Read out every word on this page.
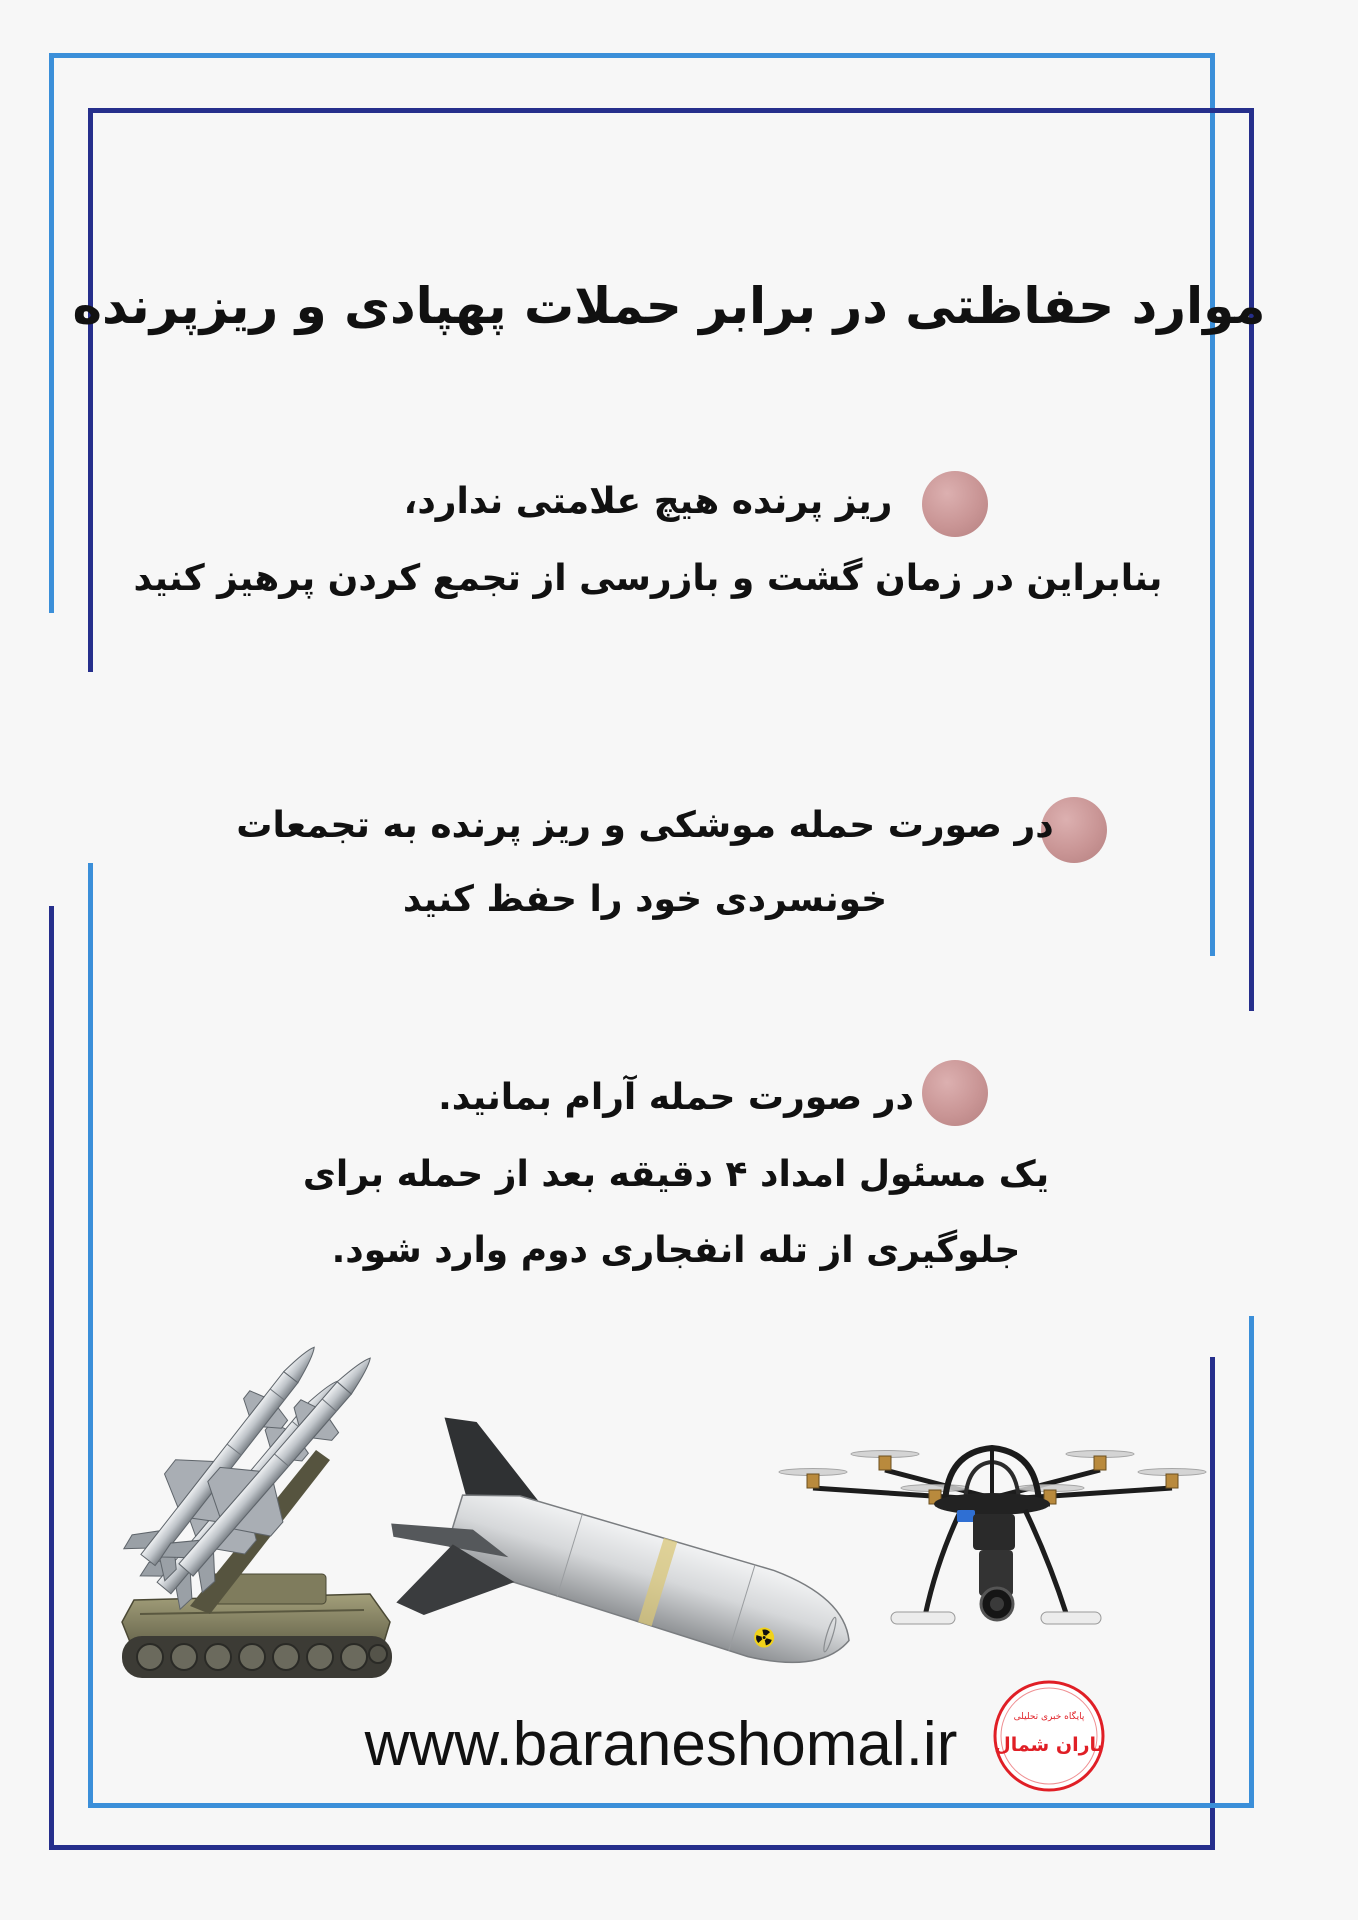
موارد حفاظتی در برابر حملات پهپادی و ریزپرنده
ریز پرنده هیچ علامتی ندارد،
بنابراین در زمان گشت و بازرسی از تجمع کردن پرهیز کنید
در صورت حمله موشکی و ریز پرنده به تجمعات
خونسردی خود را حفظ کنید
در صورت حمله آرام بمانید.
یک مسئول امداد ۴ دقیقه بعد از حمله برای
جلوگیری از تله انفجاری دوم وارد شود.
www.baraneshomal.ir	پایگاه خبری تحلیلی
باران شمال
